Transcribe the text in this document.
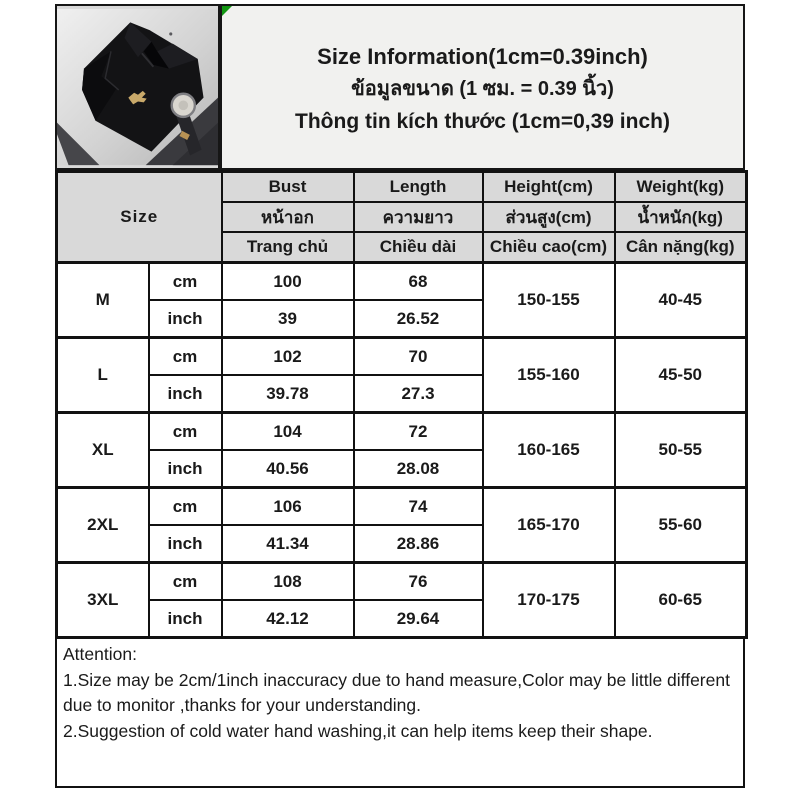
Size Information(1cm=0.39inch)
ข้อมูลขนาด (1 ซม. = 0.39 นิ้ว)
Thông tin kích thước (1cm=0,39 inch)
Size		Bust	Length	Height(cm)	Weight(kg)
		หน้าอก	ความยาว	ส่วนสูง(cm)	น้ำหนัก(kg)
		Trang chủ	Chiều dài	Chiều cao(cm)	Cân nặng(kg)
M	cm	100	68	150-155	40-45
	inch	39	26.52		
L	cm	102	70	155-160	45-50
	inch	39.78	27.3		
XL	cm	104	72	160-165	50-55
	inch	40.56	28.08		
2XL	cm	106	74	165-170	55-60
	inch	41.34	28.86		
3XL	cm	108	76	170-175	60-65
	inch	42.12	29.64		
Attention:
1.Size may be 2cm/1inch inaccuracy due to hand measure,Color may be little different due to monitor ,thanks for your understanding.
2.Suggestion of cold water hand washing,it can help items keep their shape.
